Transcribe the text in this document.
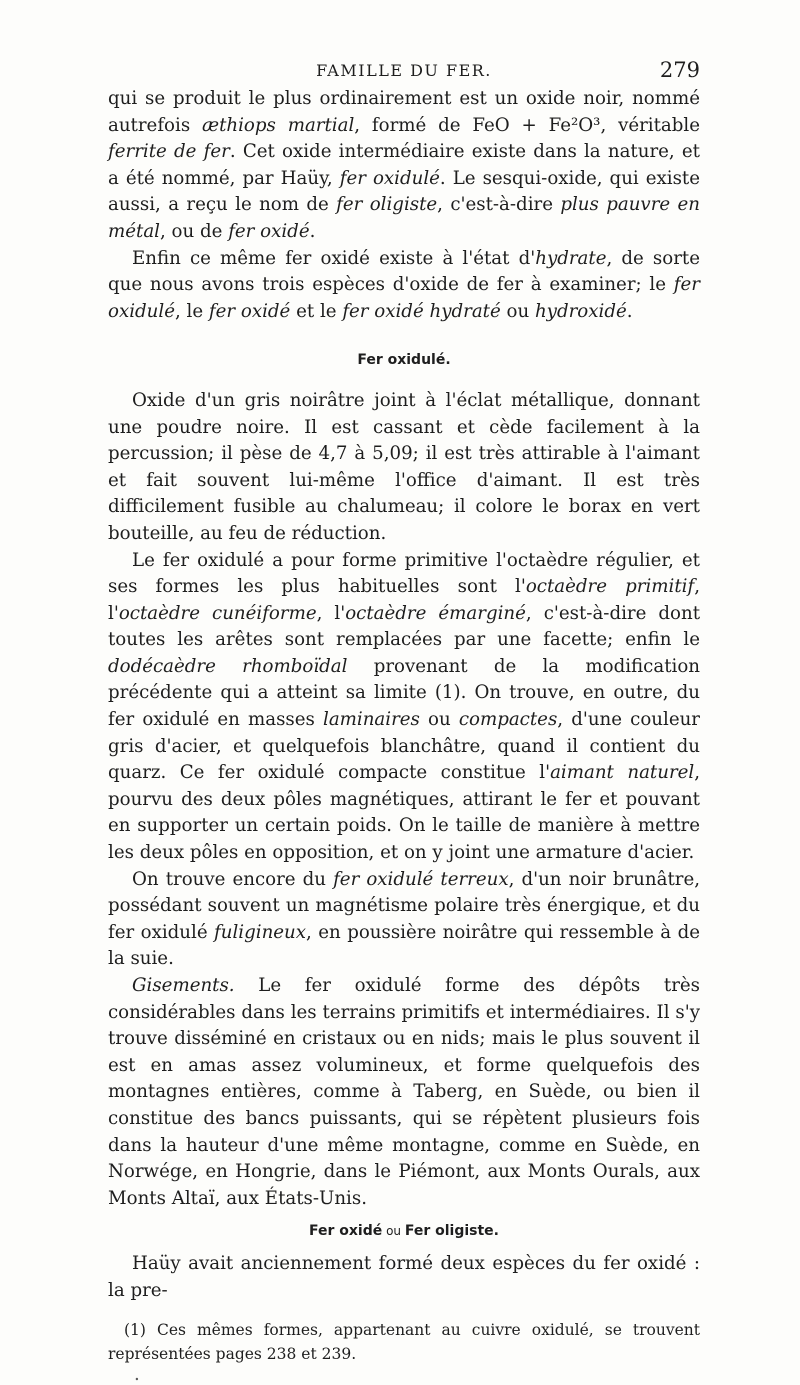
FAMILLE DU FER.	279

qui se produit le plus ordinairement est un oxide noir, nommé autrefois æthiops martial, formé de FeO + Fe²O³, véritable ferrite de fer. Cet oxide intermédiaire existe dans la nature, et a été nommé, par Haüy, fer oxidulé. Le sesqui-oxide, qui existe aussi, a reçu le nom de fer oligiste, c'est-à-dire plus pauvre en métal, ou de fer oxidé.

Enfin ce même fer oxidé existe à l'état d'hydrate, de sorte que nous avons trois espèces d'oxide de fer à examiner; le fer oxidulé, le fer oxidé et le fer oxidé hydraté ou hydroxidé.

Fer oxidulé.

Oxide d'un gris noirâtre joint à l'éclat métallique, donnant une poudre noire. Il est cassant et cède facilement à la percussion; il pèse de 4,7 à 5,09; il est très attirable à l'aimant et fait souvent lui-même l'office d'aimant. Il est très difficilement fusible au chalumeau; il colore le borax en vert bouteille, au feu de réduction.

Le fer oxidulé a pour forme primitive l'octaèdre régulier, et ses formes les plus habituelles sont l'octaèdre primitif, l'octaèdre cunéiforme, l'octaèdre émarginé, c'est-à-dire dont toutes les arêtes sont remplacées par une facette; enfin le dodécaèdre rhomboïdal provenant de la modification précédente qui a atteint sa limite (1). On trouve, en outre, du fer oxidulé en masses laminaires ou compactes, d'une couleur gris d'acier, et quelquefois blanchâtre, quand il contient du quarz. Ce fer oxidulé compacte constitue l'aimant naturel, pourvu des deux pôles magnétiques, attirant le fer et pouvant en supporter un certain poids. On le taille de manière à mettre les deux pôles en opposition, et on y joint une armature d'acier.

On trouve encore du fer oxidulé terreux, d'un noir brunâtre, possédant souvent un magnétisme polaire très énergique, et du fer oxidulé fuligineux, en poussière noirâtre qui ressemble à de la suie.

Gisements. Le fer oxidulé forme des dépôts très considérables dans les terrains primitifs et intermédiaires. Il s'y trouve disséminé en cristaux ou en nids; mais le plus souvent il est en amas assez volumineux, et forme quelquefois des montagnes entières, comme à Taberg, en Suède, ou bien il constitue des bancs puissants, qui se répètent plusieurs fois dans la hauteur d'une même montagne, comme en Suède, en Norwége, en Hongrie, dans le Piémont, aux Monts Ourals, aux Monts Altaï, aux États-Unis.

Fer oxidé ou Fer oligiste.

Haüy avait anciennement formé deux espèces du fer oxidé : la pre-

(1) Ces mêmes formes, appartenant au cuivre oxidulé, se trouvent représentées pages 238 et 239.

.
